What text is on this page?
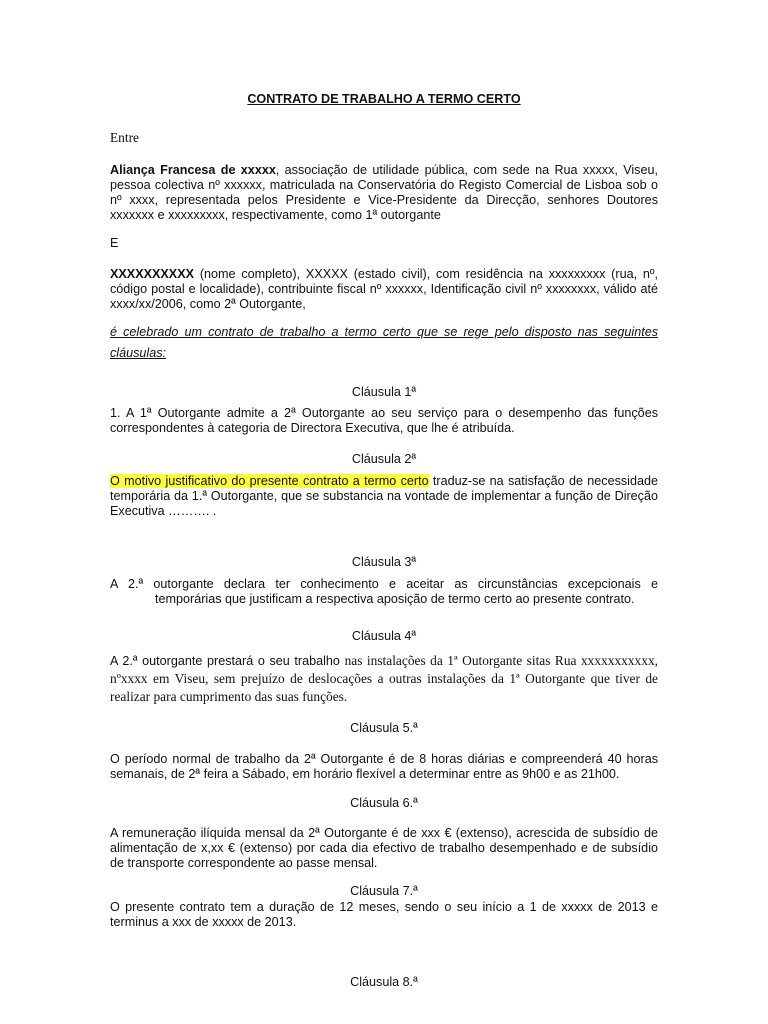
CONTRATO DE TRABALHO A TERMO CERTO
Entre
Aliança Francesa de xxxxx, associação de utilidade pública, com sede na Rua xxxxx, Viseu, pessoa colectiva nº xxxxxx, matriculada na Conservatória do Registo Comercial de Lisboa sob o nº xxxx, representada pelos Presidente e Vice-Presidente da Direcção, senhores Doutores xxxxxxx e xxxxxxxxx, respectivamente, como 1ª outorgante
E
XXXXXXXXXX (nome completo), XXXXX (estado civil), com residência na xxxxxxxxx (rua, nº, código postal e localidade), contribuinte fiscal nº xxxxxx, Identificação civil nº xxxxxxxx, válido até xxxx/xx/2006, como 2ª Outorgante,
é celebrado um contrato de trabalho a termo certo que se rege pelo disposto nas seguintes
cláusulas:
Cláusula 1ª
1. A 1ª Outorgante admite a 2ª Outorgante ao seu serviço para o desempenho das funções correspondentes à categoria de Directora Executiva, que lhe é atribuída.
Cláusula 2ª
O motivo justificativo do presente contrato a termo certo traduz-se na satisfação de necessidade temporária da 1.ª Outorgante, que se substancia na vontade de implementar a função de Direção Executiva ………. .
Cláusula 3ª
A 2.ª outorgante declara ter conhecimento e aceitar as circunstâncias excepcionais e
temporárias que justificam a respectiva aposição de termo certo ao presente contrato.
Cláusula 4ª
A 2.ª outorgante prestará o seu trabalho nas instalações da 1ª Outorgante sitas Rua xxxxxxxxxxx, nºxxxx em Viseu, sem prejuízo de deslocações a outras instalações da 1ª Outorgante que tiver de realizar para cumprimento das suas funções.
Cláusula 5.ª
O período normal de trabalho da 2ª Outorgante é de 8 horas diárias e compreenderá 40 horas semanais, de 2ª feira a Sábado, em horário flexível a determinar entre as 9h00 e as 21h00.
Cláusula 6.ª
A remuneração ilíquida mensal da 2ª Outorgante é de xxx € (extenso), acrescida de subsídio de alimentação de x,xx € (extenso) por cada dia efectivo de trabalho desempenhado e de subsídio de transporte correspondente ao passe mensal.
Cláusula 7.ª
O presente contrato tem a duração de 12 meses, sendo o seu início a 1 de xxxxx de 2013 e terminus a xxx de xxxxx de 2013.
Cláusula 8.ª
